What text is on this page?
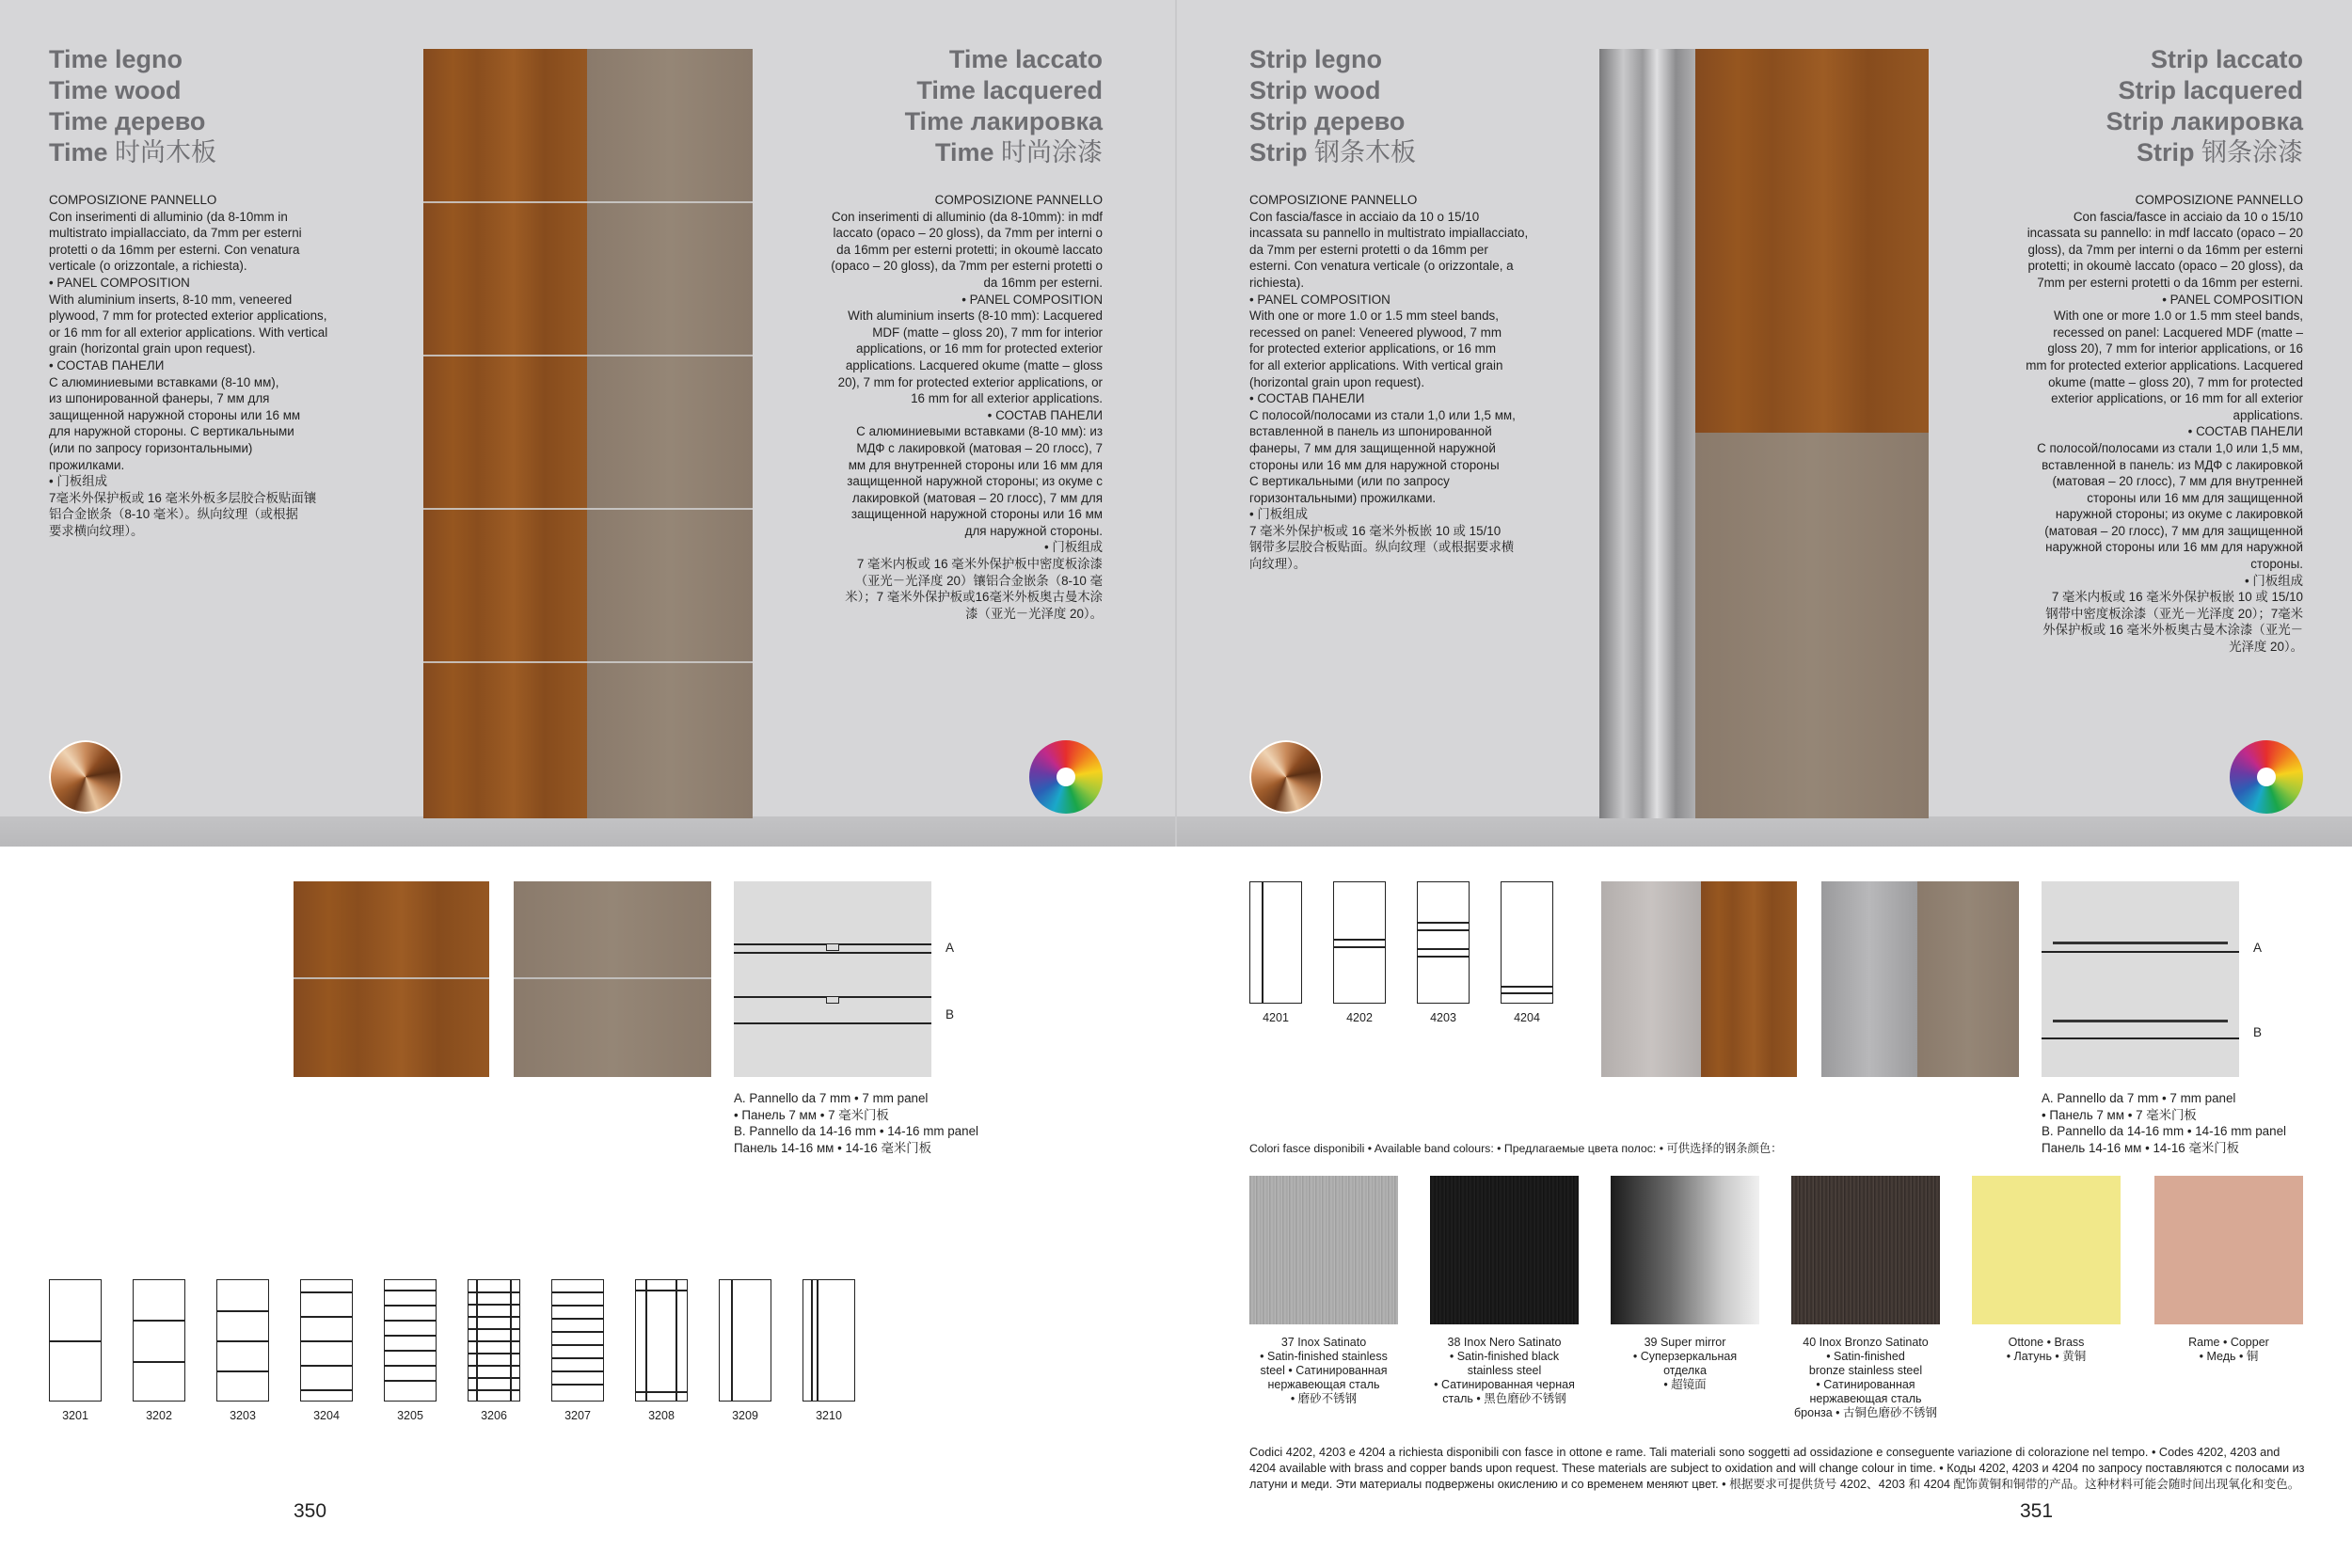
Time legno
Time wood
Time дерево
Time 时尚木板

COMPOSIZIONE PANNELLO
Con inserimenti di alluminio (da 8-10mm in
multistrato impiallacciato, da 7mm per esterni
protetti o da 16mm per esterni. Con venatura
verticale (o orizzontale, a richiesta).
• PANEL COMPOSITION
With aluminium inserts, 8-10 mm, veneered
plywood, 7 mm for protected exterior applications,
or 16 mm for all exterior applications. With vertical
grain (horizontal grain upon request).
• СОСТАВ ПАНЕЛИ
С алюминиевыми вставками (8-10 мм),
из шпонированной фанеры, 7 мм для
защищенной наружной стороны или 16 мм
для наружной стороны. С вертикальными
(или по запросу горизонтальными)
прожилками.
• 门板组成
7毫米外保护板或 16 毫米外板多层胶合板贴面镶
铝合金嵌条（8-10 毫米）。纵向纹理（或根据
要求横向纹理）。

Time laccato
Time lacquered
Time лакировка
Time 时尚涂漆

COMPOSIZIONE PANNELLO
Con inserimenti di alluminio (da 8-10mm): in mdf
laccato (opaco – 20 gloss), da 7mm per interni o
da 16mm per esterni protetti; in okoumè laccato
(opaco – 20 gloss), da 7mm per esterni protetti o
da 16mm per esterni.
• PANEL COMPOSITION
With aluminium inserts (8-10 mm): Lacquered
MDF (matte – gloss 20), 7 mm for interior
applications, or 16 mm for protected exterior
applications. Lacquered okume (matte – gloss
20), 7 mm for protected exterior applications, or
16 mm for all exterior applications.
• СОСТАВ ПАНЕЛИ
С алюминиевыми вставками (8-10 мм): из
МДФ с лакировкой (матовая – 20 глосс), 7
мм для внутренней стороны или 16 мм для
защищенной наружной стороны; из окуме с
лакировкой (матовая – 20 глосс), 7 мм для
защищенной наружной стороны или 16 мм
для наружной стороны.
• 门板组成
7 毫米内板或 16 毫米外保护板中密度板涂漆
（亚光－光泽度 20）镶铝合金嵌条（8-10 毫
米）；7 毫米外保护板或16毫米外板奥古曼木涂
漆（亚光－光泽度 20）。

Strip legno
Strip wood
Strip дерево
Strip 钢条木板

COMPOSIZIONE PANNELLO
Con fascia/fasce in acciaio da 10 o 15/10
incassata su pannello in multistrato impiallacciato,
da 7mm per esterni protetti o da 16mm per
esterni. Con venatura verticale (o orizzontale, a
richiesta).
• PANEL COMPOSITION
With one or more 1.0 or 1.5 mm steel bands,
recessed on panel: Veneered plywood, 7 mm
for protected exterior applications, or 16 mm
for all exterior applications. With vertical grain
(horizontal grain upon request).
• СОСТАВ ПАНЕЛИ
С полосой/полосами из стали 1,0 или 1,5 мм,
вставленной в панель из шпонированной
фанеры, 7 мм для защищенной наружной
стороны или 16 мм для наружной стороны
С вертикальными (или по запросу
горизонтальными) прожилками.
• 门板组成
7 毫米外保护板或 16 毫米外板嵌 10 或 15/10
钢带多层胶合板贴面。纵向纹理（或根据要求横
向纹理）。

Strip laccato
Strip lacquered
Strip лакировка
Strip 钢条涂漆

COMPOSIZIONE PANNELLO
Con fascia/fasce in acciaio da 10 o 15/10
incassata su pannello: in mdf laccato (opaco – 20
gloss), da 7mm per interni o da 16mm per esterni
protetti; in okoumè laccato (opaco – 20 gloss), da
7mm per esterni protetti o da 16mm per esterni.
• PANEL COMPOSITION
With one or more 1.0 or 1.5 mm steel bands,
recessed on panel: Lacquered MDF (matte –
gloss 20), 7 mm for interior applications, or 16
mm for protected exterior applications. Lacquered
okume (matte – gloss 20), 7 mm for protected
exterior applications, or 16 mm for all exterior
applications.
• СОСТАВ ПАНЕЛИ
С полосой/полосами из стали 1,0 или 1,5 мм,
вставленной в панель: из МДФ с лакировкой
(матовая – 20 глосс), 7 мм для внутренней
стороны или 16 мм для защищенной
наружной стороны; из окуме с лакировкой
(матовая – 20 глосс), 7 мм для защищенной
наружной стороны или 16 мм для наружной
стороны.
• 门板组成
7 毫米内板或 16 毫米外保护板嵌 10 或 15/10
钢带中密度板涂漆（亚光－光泽度 20）；7毫米
外保护板或 16 毫米外板奥古曼木涂漆（亚光－
光泽度 20）。

A
B
A. Pannello da 7 mm • 7 mm panel
• Панель 7 мм • 7 毫米门板
B. Pannello da 14-16 mm • 14-16 mm panel
Панель 14-16 мм • 14-16 毫米门板
3201	3202	3203	3204	3205	3206	3207	3208	3209	3210
350
4201	4202	4203	4204
A
B
A. Pannello da 7 mm • 7 mm panel
• Панель 7 мм • 7 毫米门板
B. Pannello da 14-16 mm • 14-16 mm panel
Панель 14-16 мм • 14-16 毫米门板
Colori fasce disponibili • Available band colours: • Предлагаемые цвета полос: • 可供选择的钢条颜色：
37 Inox Satinato
• Satin-finished stainless
steel • Сатинированная
нержавеющая сталь
• 磨砂不锈钢
38 Inox Nero Satinato
• Satin-finished black
stainless steel
• Сатинированная черная
сталь • 黑色磨砂不锈钢
39 Super mirror
• Суперзеркальная
отделка
• 超镜面
40 Inox Bronzo Satinato
• Satin-finished
bronze stainless steel
• Сатинированная
нержавеющая сталь
бронза • 古铜色磨砂不锈钢
Ottone • Brass
• Латунь • 黄铜
Rame • Copper
• Медь • 铜
Codici 4202, 4203 e 4204 a richiesta disponibili con fasce in ottone e rame. Tali materiali sono soggetti ad ossidazione e conseguente variazione di colorazione nel tempo. • Codes 4202, 4203 and 4204 available with brass and copper bands upon request. These materials are subject to oxidation and will change colour in time. • Коды 4202, 4203 и 4204 по запросу поставляются с полосами из латуни и меди. Эти материалы подвержены окислению и со временем меняют цвет. • 根据要求可提供货号 4202、4203 和 4204 配饰黄铜和铜带的产品。这种材料可能会随时间出现氧化和变色。
351
